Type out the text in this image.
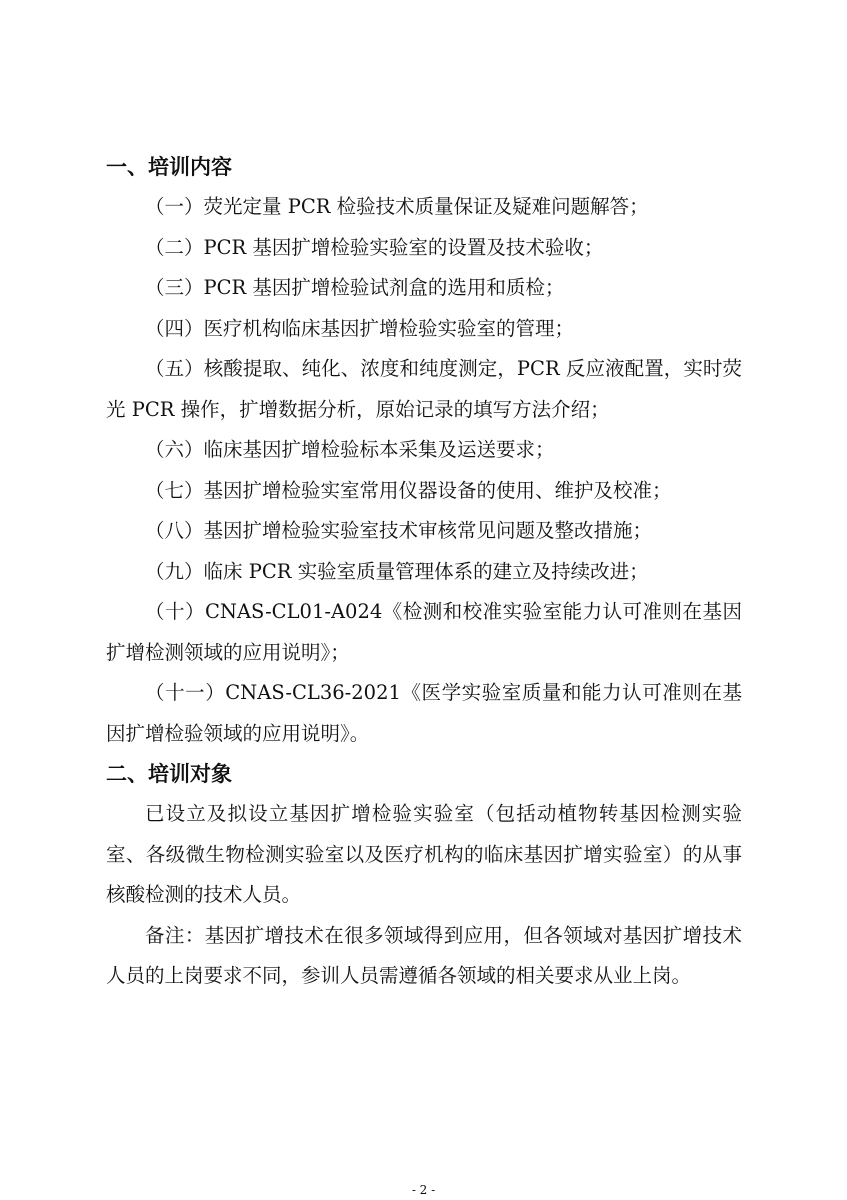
一、培训内容

（一）荧光定量 PCR 检验技术质量保证及疑难问题解答；

（二）PCR 基因扩增检验实验室的设置及技术验收；

（三）PCR 基因扩增检验试剂盒的选用和质检；

（四）医疗机构临床基因扩增检验实验室的管理；

（五）核酸提取、纯化、浓度和纯度测定，PCR 反应液配置，实时荧光 PCR 操作，扩增数据分析，原始记录的填写方法介绍；

（六）临床基因扩增检验标本采集及运送要求；

（七）基因扩增检验实室常用仪器设备的使用、维护及校准；

（八）基因扩增检验实验室技术审核常见问题及整改措施；

（九）临床 PCR 实验室质量管理体系的建立及持续改进；

（十）CNAS-CL01-A024《检测和校准实验室能力认可准则在基因扩增检测领域的应用说明》；

（十一）CNAS-CL36-2021《医学实验室质量和能力认可准则在基因扩增检验领域的应用说明》。

二、培训对象

已设立及拟设立基因扩增检验实验室（包括动植物转基因检测实验室、各级微生物检测实验室以及医疗机构的临床基因扩增实验室）的从事核酸检测的技术人员。

备注：基因扩增技术在很多领域得到应用，但各领域对基因扩增技术人员的上岗要求不同，参训人员需遵循各领域的相关要求从业上岗。

- 2 -
